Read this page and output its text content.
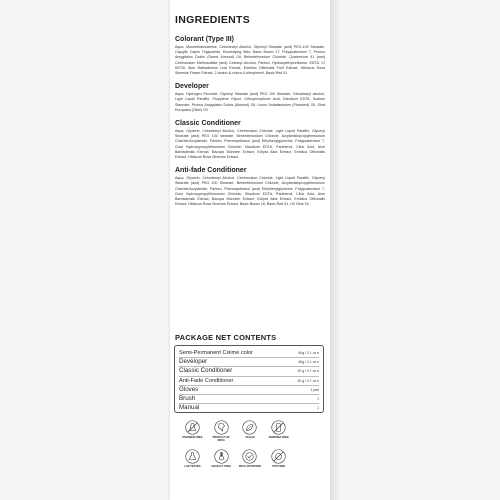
INGREDIENTS
Colorant (Type III)

Aqua, Monoethanolamine, Cetostearyl Alcohol, Glyceryl Stearate (and) PEG-100 Stearate, Caprylic Capric Triglyceride, Emulsifying Wax, Basic Brown 17, Polyquaternium 7, Prunus Amygdalus Dulcis (Sweet Almond) Oil, Behentrimonium Chloride, Quaternium 91 (and) Cetrimonium Methosulfate (and) Cetearyl Alcohol, Parfum, Hydroxyethylcellulose, EDTA, CI 60730, Aloe Barbadensis Leaf Extract, Emblica Officinalis Fruit Extract, Hibiscus Rosa Sinensis Flower Extract, 2-amino-6-chloro-4-nitrophenol, Basic Red 51

Developer

Aqua, Hydrogen Peroxide, Glyceryl Stearate (and) PEG 100 Stearate, Cetostearyl alcohol, Light Liquid Paraffin, Propylene Glycol, Orthophosphoric Acid, Disodium EDTA, Sodium Stannate, Prunus Amygdalus Dulcis (Almond) Oil, Linum Usitatissimum (Flaxseed) Oil, Olea Europaea (Olive) Oil

Classic Conditioner

Aqua, Glycerin, Cetostearyl Alcohol, Cetrimonium Chloride, Light Liquid Paraffin, Glyceryl Stearate (and) PEG 100 stearate, Behentrimonium Chloride, Acrylamidopropyltrimonium Chloride/Acrylamide, Parfum, Phenoxyethanol (and) Ethylhexylglycerine, Polyquaternium 7, Guar Hydroxypropyltrimonium Chloride, Disodium EDTA, Panthenol, Citric Acid, Aloe Barbadensis Extract, Bacopa Monnieri Extract, Eclipta Alba Extract, Emblica Officinalis Extract, Hibiscus Rosa Sinensis Extract.

Anti-fade Conditioner

Aqua, Glycerin, Cetostearyl Alcohol, Cetrimonium Chloride, Light Liquid Paraffin, Glyceryl Stearate (and) PEG 100 Stearate, Behentrimonium Chloride, Acrylamidopropyltrimonium Chloride/Acrylamide, Parfum, Phenoxyethanol (and) Ethylhexylglycerine, Polyquaternium 7, Guar Hydroxypropyltrimonium Chloride, Disodium EDTA, Panthenol, Citric Acid, Aloe Barbadensis Extract, Bacopa Monnieri Extract, Eclipta Alba Extract, Emblica Officinalis Extract, Hibiscus Rosa Sinensis Extract, Basic Brown 16, Basic Red 51, HC Blue 16

PACKAGE NET CONTENTS
Semi-Permanent Crème color	60g / 2.1 oz e
Developer	60g / 2.1 oz e
Classic Conditioner	20 g / 0.7 oz e
Anti-Fade Conditioner	20 g / 0.7 oz e
Gloves	1 pair
Brush	1
Manual	1
PARABEN FREE	PRODUCT OF INDIA
VEGAN	AMMONIA FREE
LAB TESTED	CRUELTY FREE	FDCA APPROVED	PPD FREE
